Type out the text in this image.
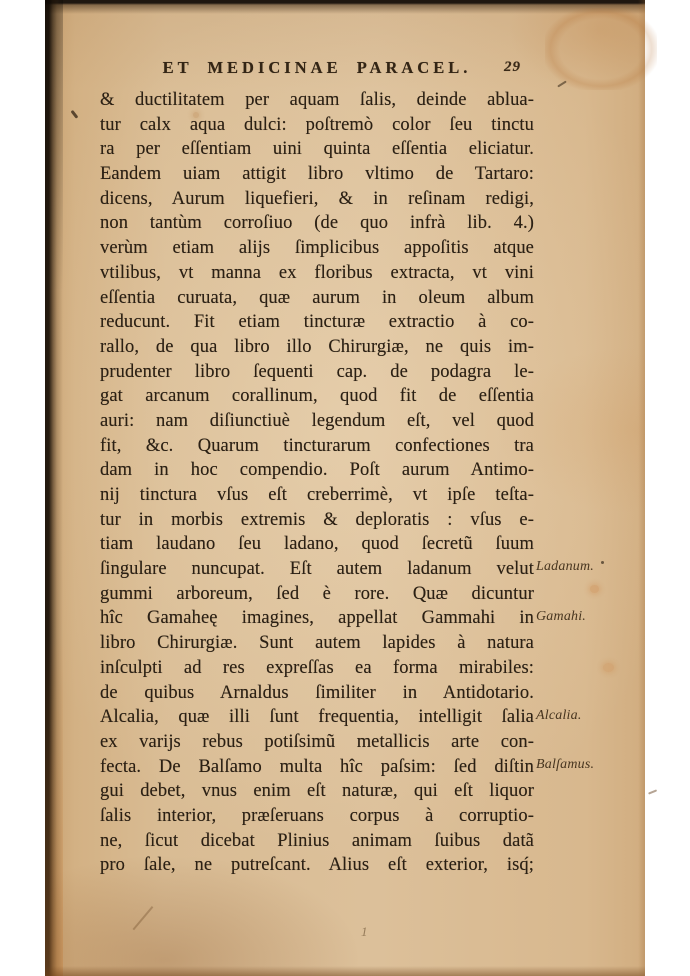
ET MEDICINAE PARACEL. 29
& ductilitatem per aquam ſalis, deinde ablua-
tur calx aqua dulci: poſtremò color ſeu tinctu
ra per eſſentiam uini quinta eſſentia eliciatur.
Eandem uiam attigit libro vltimo de Tartaro:
dicens, Aurum liquefieri, & in reſinam redigi,
non tantùm corroſiuo (de quo infrà lib. 4.)
verùm etiam alijs ſimplicibus appoſitis atque
vtilibus, vt manna ex floribus extracta, vt vini
eſſentia curuata, quæ aurum in oleum album
reducunt. Fit etiam tincturæ extractio à co-
rallo, de qua libro illo Chirurgiæ, ne quis im-
prudenter libro ſequenti cap. de podagra le-
gat arcanum corallinum, quod fit de eſſentia
auri: nam diſiunctiuè legendum eſt, vel quod
fit, &c. Quarum tincturarum confectiones tra
dam in hoc compendio. Poſt aurum Antimo-
nij tinctura vſus eſt creberrimè, vt ipſe teſta-
tur in morbis extremis & deploratis : vſus e-
tiam laudano ſeu ladano, quod ſecretũ ſuum
ſingulare nuncupat. Eſt autem ladanum velut
gummi arboreum, ſed è rore. Quæ dicuntur
hîc Gamaheę imagines, appellat Gammahi in
libro Chirurgiæ. Sunt autem lapides à natura
inſculpti ad res expreſſas ea forma mirabiles:
de quibus Arnaldus ſimiliter in Antidotario.
Alcalia, quæ illi ſunt frequentia, intelligit ſalia
ex varijs rebus potiſsimũ metallicis arte con-
fecta. De Balſamo multa hîc paſsim: ſed diſtin
gui debet, vnus enim eſt naturæ, qui eſt liquor
ſalis interior, præſeruans corpus à corruptio-
ne, ſicut dicebat Plinius animam ſuibus datã
pro ſale, ne putreſcant. Alius eſt exterior, isq́;
Ladanum.
Gamahi.
Alcalia.
Balſamus.
1
